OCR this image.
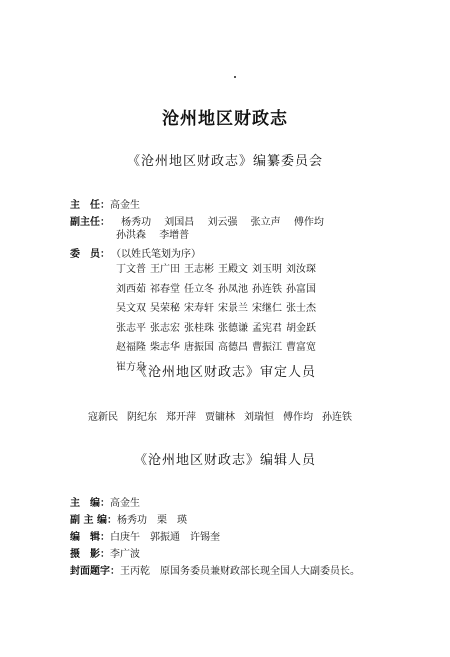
沧州地区财政志
《沧州地区财政志》编纂委员会
主　任：高金生
副主任： 杨秀功　 刘国昌　 刘云强　 张立声　 傅作均
孙洪森　 李增普
委　员： （以姓氏笔划为序）
丁文普 王广田 王志彬 王殿文 刘玉明 刘汝琛
刘西茹 祁春堂 任立冬 孙凤池 孙连铁 孙富国
吴文双 吴荣秘 宋寿轩 宋景兰 宋继仁 张士杰
张志平 张志宏 张桂珠 张德谦 孟宪君 胡金跃
赵福隆 柴志华 唐振国 高德昌 曹振江 曹富宽
崔方泉
《沧州地区财政志》审定人员
寇新民 阴纪东 郑开萍 贾镛林 刘瑞恒 傅作均 孙连铁
《沧州地区财政志》编辑人员
主　编：高金生
副 主 编：杨秀功　栗　瑛
编　辑：白庚午　郭振通　许锡奎
摄　影：李广波
封面题字：王丙乾　原国务委员兼财政部长现全国人大副委员长。
